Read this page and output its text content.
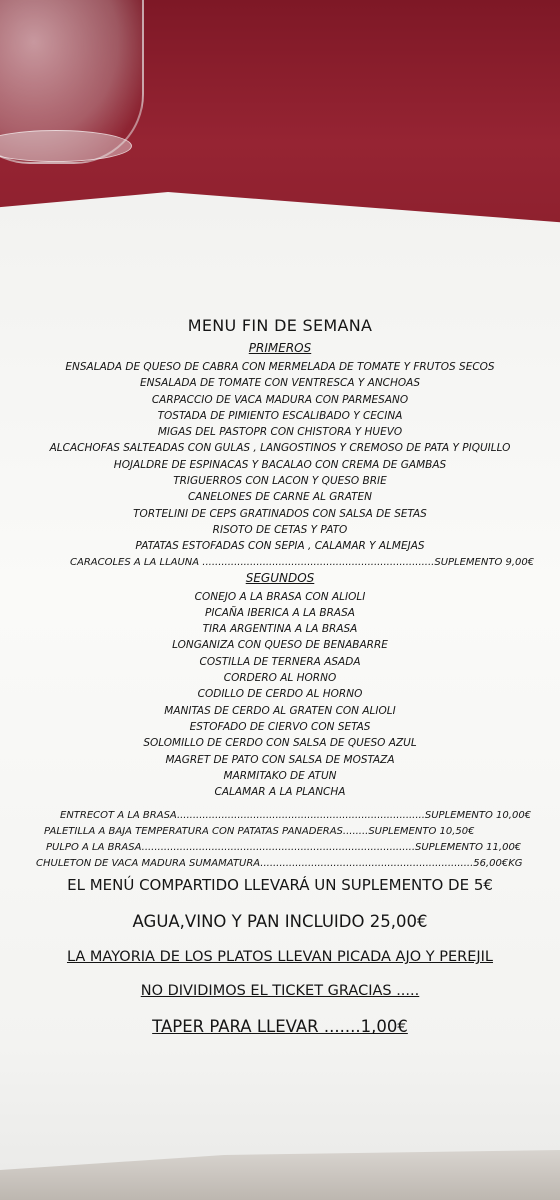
MENU FIN DE SEMANA
PRIMEROS
ENSALADA DE QUESO DE CABRA CON MERMELADA DE TOMATE Y FRUTOS SECOS
ENSALADA DE TOMATE CON VENTRESCA Y ANCHOAS
CARPACCIO DE VACA MADURA CON PARMESANO
TOSTADA DE PIMIENTO ESCALIBADO Y CECINA
MIGAS DEL PASTOPR CON CHISTORA Y HUEVO
ALCACHOFAS SALTEADAS CON GULAS , LANGOSTINOS Y CREMOSO DE PATA Y PIQUILLO
HOJALDRE DE ESPINACAS Y BACALAO CON CREMA DE GAMBAS
TRIGUERROS CON LACON Y QUESO BRIE
CANELONES DE CARNE AL GRATEN
TORTELINI DE CEPS GRATINADOS CON SALSA DE SETAS
RISOTO DE CETAS Y PATO
PATATAS ESTOFADAS CON SEPIA , CALAMAR Y ALMEJAS
CARACOLES A LA LLAUNA .........................................................................SUPLEMENTO 9,00€
SEGUNDOS
CONEJO A LA BRASA CON ALIOLI
PICAÑA IBERICA A LA BRASA
TIRA ARGENTINA A LA BRASA
LONGANIZA CON QUESO DE BENABARRE
COSTILLA DE TERNERA ASADA
CORDERO AL HORNO
CODILLO DE CERDO AL HORNO
MANITAS DE CERDO AL GRATEN CON ALIOLI
ESTOFADO DE CIERVO CON SETAS
SOLOMILLO DE CERDO CON SALSA DE QUESO AZUL
MAGRET DE PATO CON SALSA DE MOSTAZA
MARMITAKO DE ATUN
CALAMAR A LA PLANCHA
ENTRECOT A LA BRASA..............................................................................SUPLEMENTO 10,00€
PALETILLA A BAJA TEMPERATURA CON PATATAS PANADERAS........SUPLEMENTO 10,50€
PULPO A LA BRASA......................................................................................SUPLEMENTO 11,00€
CHULETON DE VACA MADURA SUMAMATURA...................................................................56,00€KG
EL MENÚ COMPARTIDO LLEVARÁ UN SUPLEMENTO DE 5€
AGUA,VINO Y PAN INCLUIDO 25,00€
LA MAYORIA DE LOS PLATOS LLEVAN PICADA AJO Y PEREJIL
NO DIVIDIMOS EL TICKET GRACIAS .....
TAPER PARA LLEVAR .......1,00€
